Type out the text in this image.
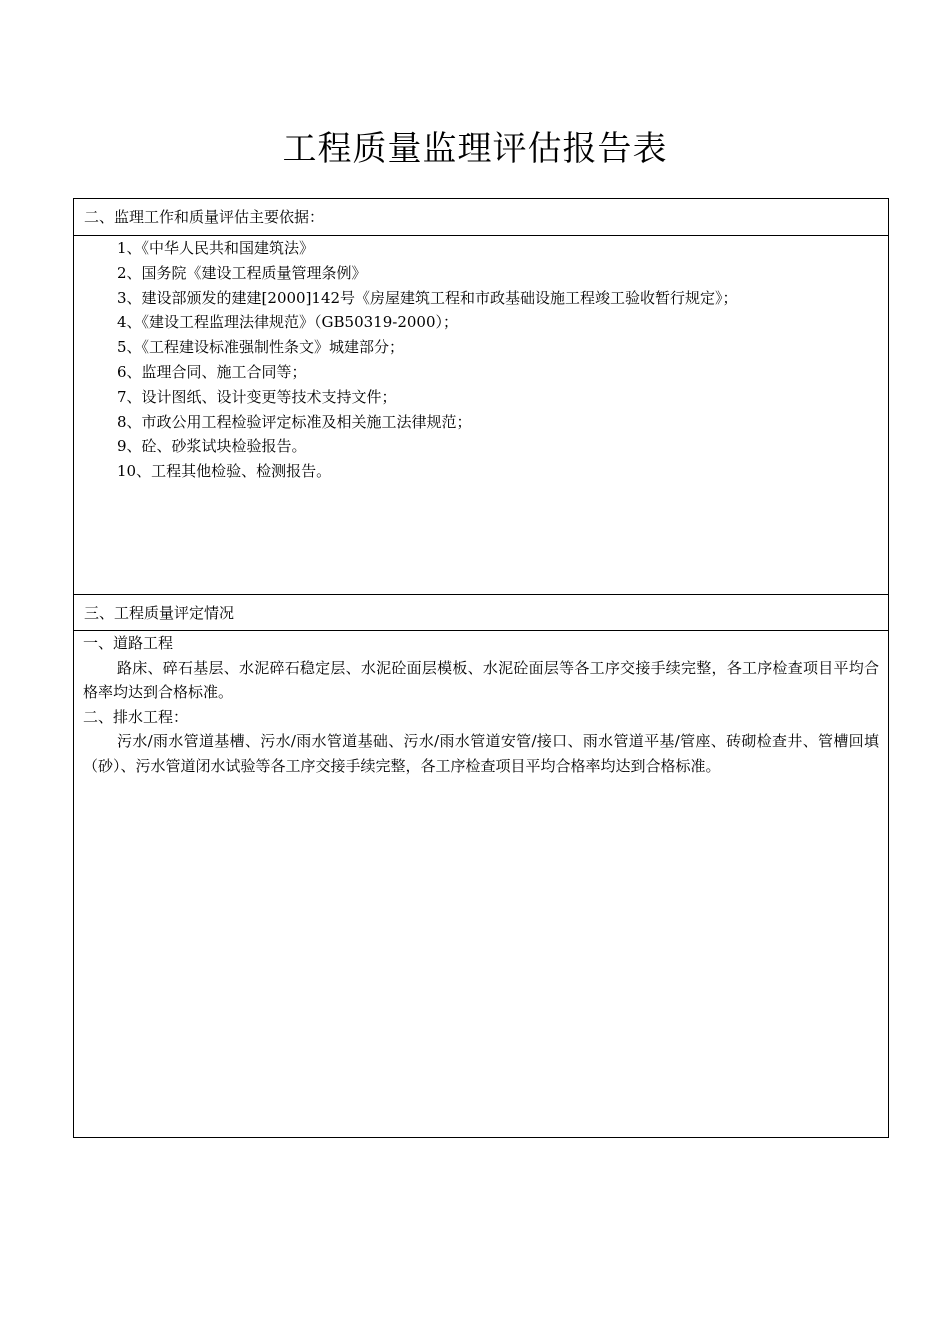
工程质量监理评估报告表
二、监理工作和质量评估主要依据：
1、《中华人民共和国建筑法》
2、国务院《建设工程质量管理条例》
3、建设部颁发的建建[2000]142号《房屋建筑工程和市政基础设施工程竣工验收暂行规定》；
4、《建设工程监理法律规范》（GB50319-2000）；
5、《工程建设标准强制性条文》城建部分；
6、监理合同、施工合同等；
7、设计图纸、设计变更等技术支持文件；
8、市政公用工程检验评定标准及相关施工法律规范；
9、砼、砂浆试块检验报告。
10、工程其他检验、检测报告。
三、工程质量评定情况
一、道路工程
路床、碎石基层、水泥碎石稳定层、水泥砼面层模板、水泥砼面层等各工序交接手续完整，各工序检查项目平均合格率均达到合格标准。
二、排水工程：
污水/雨水管道基槽、污水/雨水管道基础、污水/雨水管道安管/接口、雨水管道平基/管座、砖砌检查井、管槽回填（砂）、污水管道闭水试验等各工序交接手续完整，各工序检查项目平均合格率均达到合格标准。
